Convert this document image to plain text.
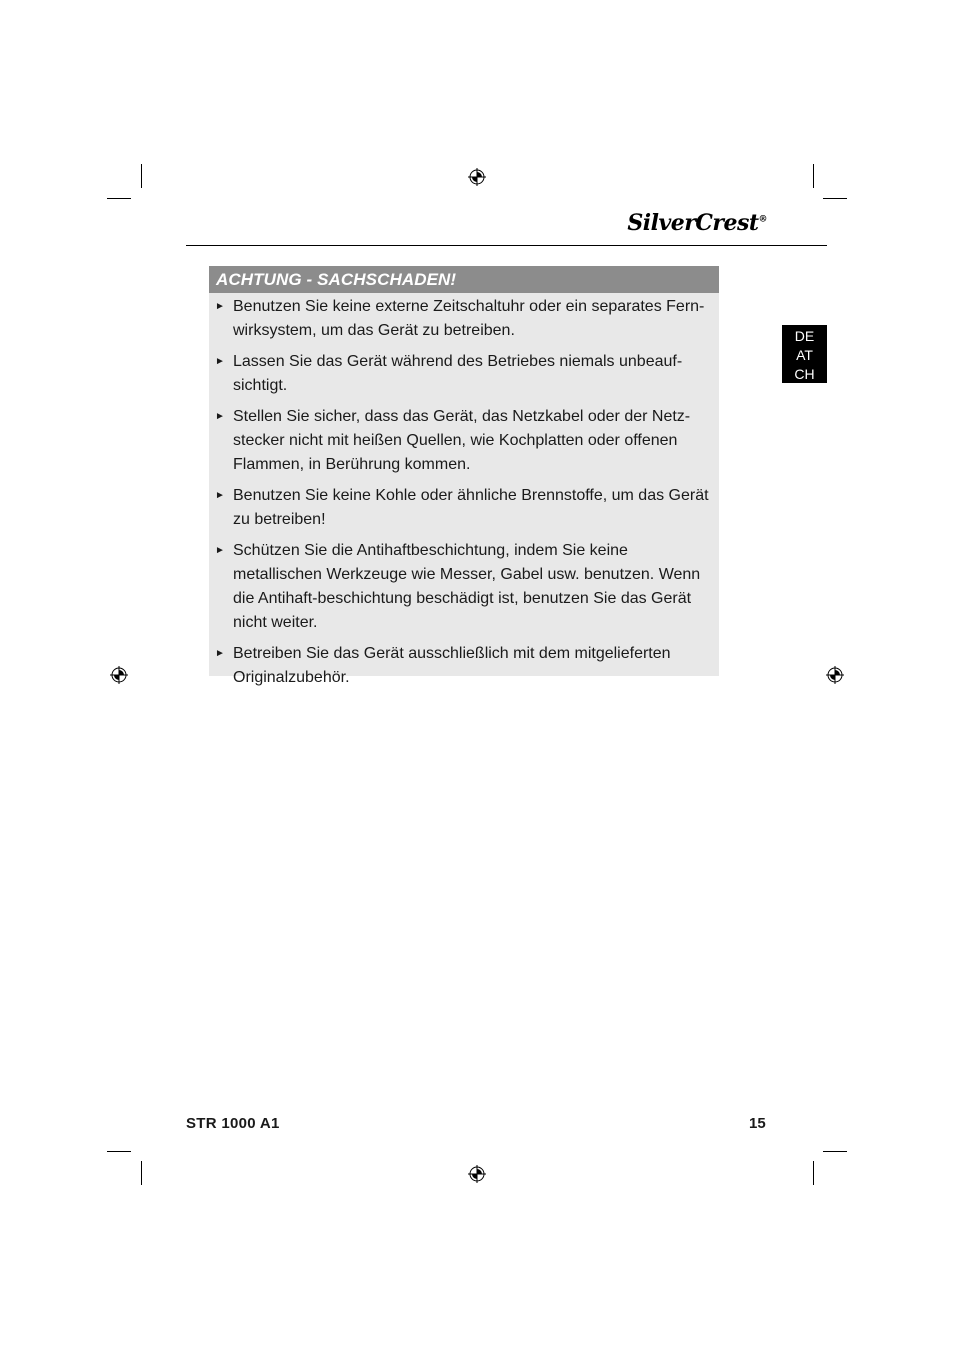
SilverCrest®
DE
AT
CH
ACHTUNG - SACHSCHADEN!
► Benutzen Sie keine externe Zeitschaltuhr oder ein separates Fern-wirksystem, um das Gerät zu betreiben.
► Lassen Sie das Gerät während des Betriebes niemals unbeauf-sichtigt.
► Stellen Sie sicher, dass das Gerät, das Netzkabel oder der Netz-stecker nicht mit heißen Quellen, wie Kochplatten oder offenen Flammen, in Berührung kommen.
► Benutzen Sie keine Kohle oder ähnliche Brennstoffe, um das Gerät zu betreiben!
► Schützen Sie die Antihaftbeschichtung, indem Sie keine metallischen Werkzeuge wie Messer, Gabel usw. benutzen. Wenn die Antihaft-beschichtung beschädigt ist, benutzen Sie das Gerät nicht weiter.
► Betreiben Sie das Gerät ausschließlich mit dem mitgelieferten Originalzubehör.
STR 1000 A1	15
